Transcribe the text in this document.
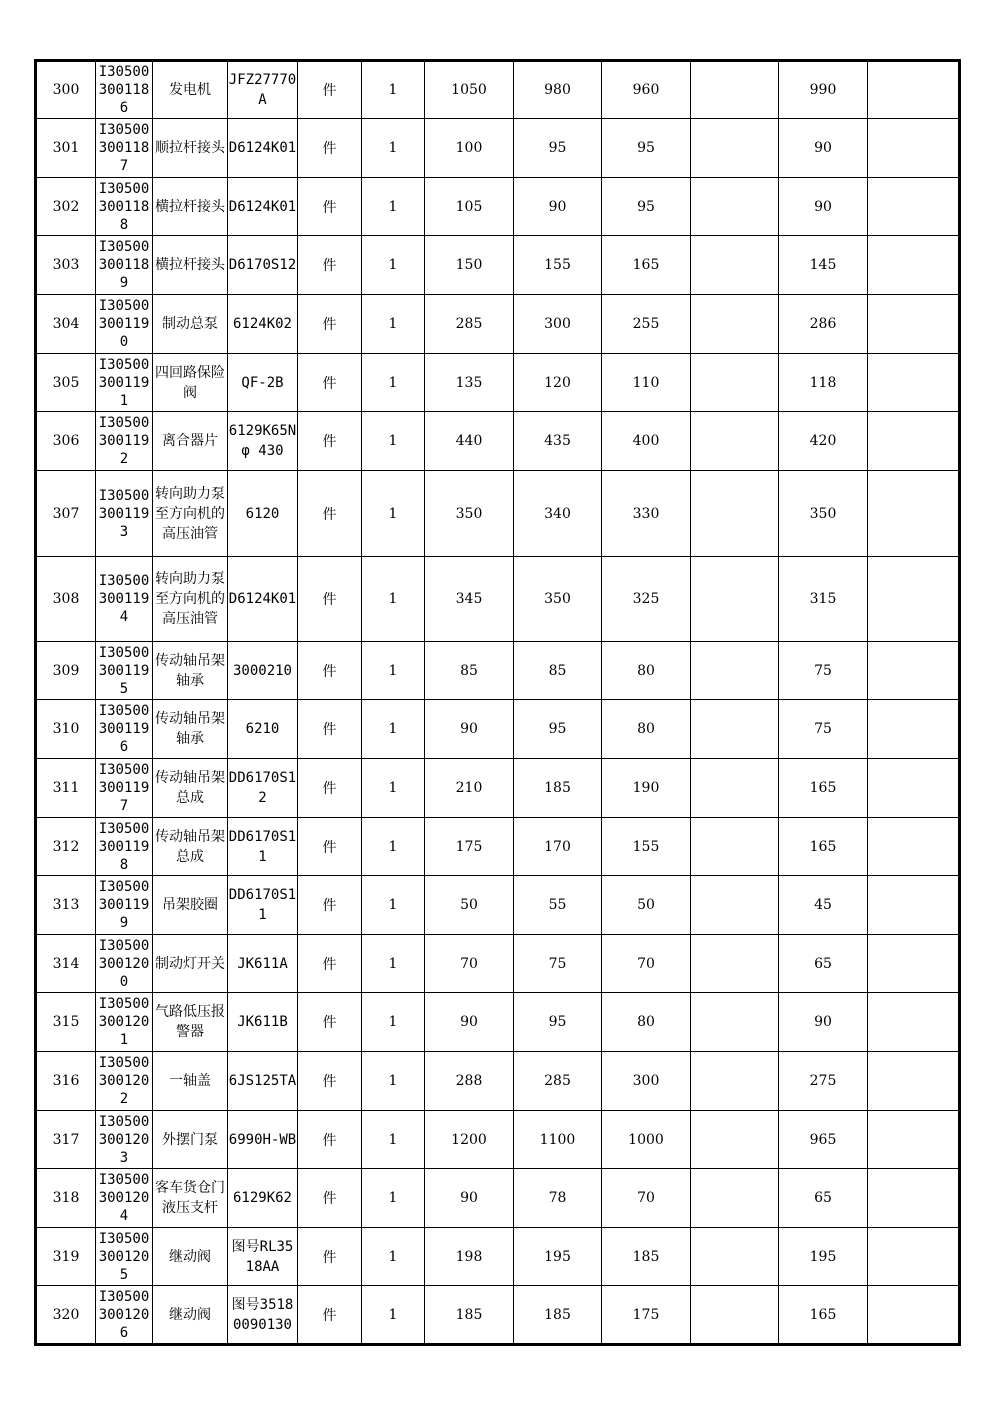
300	I305003001186	发电机	JFZ27770A	件	1	1050	980	960		990	
301	I305003001187	顺拉杆接头	D6124K01	件	1	100	95	95		90	
302	I305003001188	横拉杆接头	D6124K01	件	1	105	90	95		90	
303	I305003001189	横拉杆接头	D6170S12	件	1	150	155	165		145	
304	I305003001190	制动总泵	6124K02	件	1	285	300	255		286	
305	I305003001191	四回路保险阀	QF-2B	件	1	135	120	110		118	
306	I305003001192	离合器片	6129K65Nφ 430	件	1	440	435	400		420	
307	I305003001193	转向助力泵至方向机的高压油管	6120	件	1	350	340	330		350	
308	I305003001194	转向助力泵至方向机的高压油管	D6124K01	件	1	345	350	325		315	
309	I305003001195	传动轴吊架轴承	3000210	件	1	85	85	80		75	
310	I305003001196	传动轴吊架轴承	6210	件	1	90	95	80		75	
311	I305003001197	传动轴吊架总成	DD6170S12	件	1	210	185	190		165	
312	I305003001198	传动轴吊架总成	DD6170S11	件	1	175	170	155		165	
313	I305003001199	吊架胶圈	DD6170S11	件	1	50	55	50		45	
314	I305003001200	制动灯开关	JK611A	件	1	70	75	70		65	
315	I305003001201	气路低压报警器	JK611B	件	1	90	95	80		90	
316	I305003001202	一轴盖	6JS125TA	件	1	288	285	300		275	
317	I305003001203	外摆门泵	6990H-WB	件	1	1200	1100	1000		965	
318	I305003001204	客车货仓门液压支杆	6129K62	件	1	90	78	70		65	
319	I305003001205	继动阀	图号RL3518AA	件	1	198	195	185		195	
320	I305003001206	继动阀	图号35180090130	件	1	185	185	175		165	
